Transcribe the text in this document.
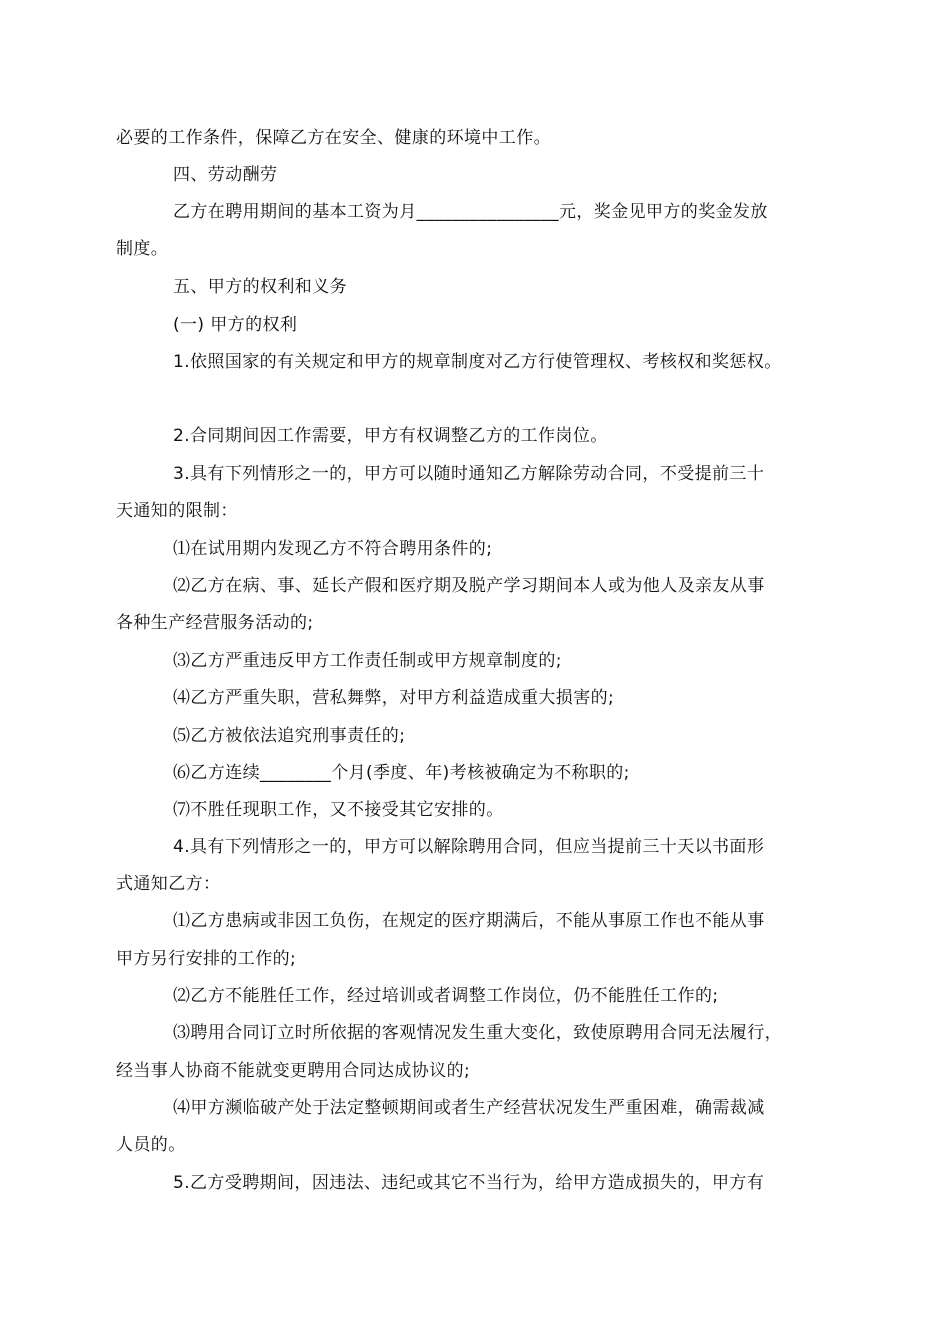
必要的工作条件，保障乙方在安全、健康的环境中工作。

四、劳动酬劳

乙方在聘用期间的基本工资为月________________元，奖金见甲方的奖金发放

制度。

五、甲方的权利和义务

(一) 甲方的权利

1.依照国家的有关规定和甲方的规章制度对乙方行使管理权、考核权和奖惩权。

2.合同期间因工作需要，甲方有权调整乙方的工作岗位。

3.具有下列情形之一的，甲方可以随时通知乙方解除劳动合同，不受提前三十

天通知的限制：

⑴在试用期内发现乙方不符合聘用条件的;

⑵乙方在病、事、延长产假和医疗期及脱产学习期间本人或为他人及亲友从事

各种生产经营服务活动的;

⑶乙方严重违反甲方工作责任制或甲方规章制度的;

⑷乙方严重失职，营私舞弊，对甲方利益造成重大损害的;

⑸乙方被依法追究刑事责任的;

⑹乙方连续________个月(季度、年)考核被确定为不称职的;

⑺不胜任现职工作，又不接受其它安排的。

4.具有下列情形之一的，甲方可以解除聘用合同，但应当提前三十天以书面形

式通知乙方：

⑴乙方患病或非因工负伤，在规定的医疗期满后，不能从事原工作也不能从事

甲方另行安排的工作的;

⑵乙方不能胜任工作，经过培训或者调整工作岗位，仍不能胜任工作的;

⑶聘用合同订立时所依据的客观情况发生重大变化，致使原聘用合同无法履行，

经当事人协商不能就变更聘用合同达成协议的;

⑷甲方濒临破产处于法定整顿期间或者生产经营状况发生严重困难，确需裁减

人员的。

5.乙方受聘期间，因违法、违纪或其它不当行为，给甲方造成损失的，甲方有
